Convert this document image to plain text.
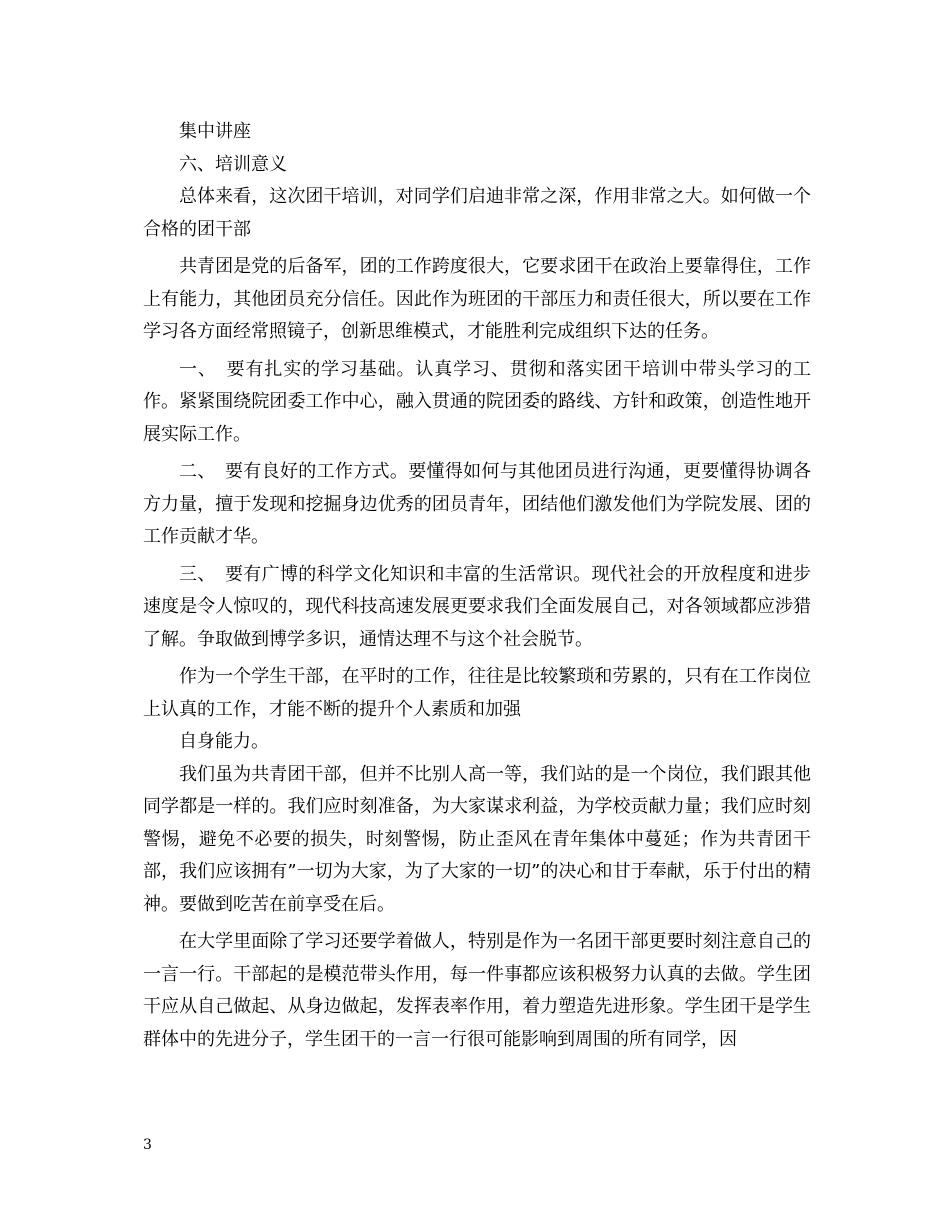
集中讲座

六、培训意义

总体来看，这次团干培训，对同学们启迪非常之深，作用非常之大。如何做一个合格的团干部

共青团是党的后备军，团的工作跨度很大，它要求团干在政治上要靠得住，工作上有能力，其他团员充分信任。因此作为班团的干部压力和责任很大，所以要在工作学习各方面经常照镜子，创新思维模式，才能胜利完成组织下达的任务。

一、　要有扎实的学习基础。认真学习、贯彻和落实团干培训中带头学习的工作。紧紧围绕院团委工作中心，融入贯通的院团委的路线、方针和政策，创造性地开展实际工作。

二、　要有良好的工作方式。要懂得如何与其他团员进行沟通，更要懂得协调各方力量，擅于发现和挖掘身边优秀的团员青年，团结他们激发他们为学院发展、团的工作贡献才华。

三、　要有广博的科学文化知识和丰富的生活常识。现代社会的开放程度和进步速度是令人惊叹的，现代科技高速发展更要求我们全面发展自己，对各领域都应涉猎了解。争取做到博学多识，通情达理不与这个社会脱节。

作为一个学生干部，在平时的工作，往往是比较繁琐和劳累的，只有在工作岗位上认真的工作，才能不断的提升个人素质和加强

自身能力。

我们虽为共青团干部，但并不比别人高一等，我们站的是一个岗位，我们跟其他同学都是一样的。我们应时刻准备，为大家谋求利益，为学校贡献力量；我们应时刻警惕，避免不必要的损失，时刻警惕，防止歪风在青年集体中蔓延；作为共青团干部，我们应该拥有”一切为大家，为了大家的一切”的决心和甘于奉献，乐于付出的精神。要做到吃苦在前享受在后。

在大学里面除了学习还要学着做人，特别是作为一名团干部更要时刻注意自己的一言一行。干部起的是模范带头作用，每一件事都应该积极努力认真的去做。学生团干应从自己做起、从身边做起，发挥表率作用，着力塑造先进形象。学生团干是学生群体中的先进分子，学生团干的一言一行很可能影响到周围的所有同学，因

3
